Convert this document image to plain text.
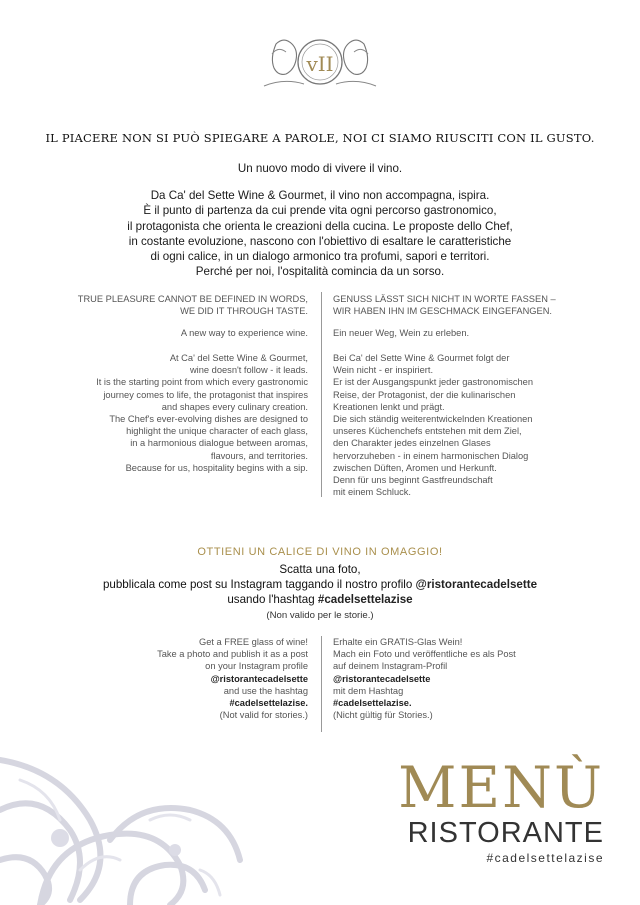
vII
IL PIACERE NON SI PUÒ SPIEGARE A PAROLE, NOI CI SIAMO RIUSCITI CON IL GUSTO.
Un nuovo modo di vivere il vino.
Da Ca' del Sette Wine & Gourmet, il vino non accompagna, ispira.
È il punto di partenza da cui prende vita ogni percorso gastronomico,
il protagonista che orienta le creazioni della cucina. Le proposte dello Chef,
in costante evoluzione, nascono con l'obiettivo di esaltare le caratteristiche
di ogni calice, in un dialogo armonico tra profumi, sapori e territori.
Perché per noi, l'ospitalità comincia da un sorso.
TRUE PLEASURE CANNOT BE DEFINED IN WORDS,
WE DID IT THROUGH TASTE.
A new way to experience wine.
At Ca' del Sette Wine & Gourmet,
wine doesn't follow - it leads.
It is the starting point from which every gastronomic
journey comes to life, the protagonist that inspires
and shapes every culinary creation.
The Chef's ever-evolving dishes are designed to
highlight the unique character of each glass,
in a harmonious dialogue between aromas,
flavours, and territories.
Because for us, hospitality begins with a sip.
GENUSS LÄSST SICH NICHT IN WORTE FASSEN –
WIR HABEN IHN IM GESCHMACK EINGEFANGEN.
Ein neuer Weg, Wein zu erleben.
Bei Ca' del Sette Wine & Gourmet folgt der
Wein nicht - er inspiriert.
Er ist der Ausgangspunkt jeder gastronomischen
Reise, der Protagonist, der die kulinarischen
Kreationen lenkt und prägt.
Die sich ständig weiterentwickelnden Kreationen
unseres Küchenchefs entstehen mit dem Ziel,
den Charakter jedes einzelnen Glases
hervorzuheben - in einem harmonischen Dialog
zwischen Düften, Aromen und Herkunft.
Denn für uns beginnt Gastfreundschaft
mit einem Schluck.
OTTIENI UN CALICE DI VINO IN OMAGGIO!
Scatta una foto,
pubblicala come post su Instagram taggando il nostro profilo @ristorantecadelsette
usando l'hashtag #cadelsettelazise
(Non valido per le storie.)
Get a FREE glass of wine!
Take a photo and publish it as a post
on your Instagram profile
@ristorantecadelsette
and use the hashtag
#cadelsettelazise.
(Not valid for stories.)
Erhalte ein GRATIS-Glas Wein!
Mach ein Foto und veröffentliche es als Post
auf deinem Instagram-Profil
@ristorantecadelsette
mit dem Hashtag
#cadelsettelazise.
(Nicht gültig für Stories.)
MENÙ
RISTORANTE
#cadelsettelazise
